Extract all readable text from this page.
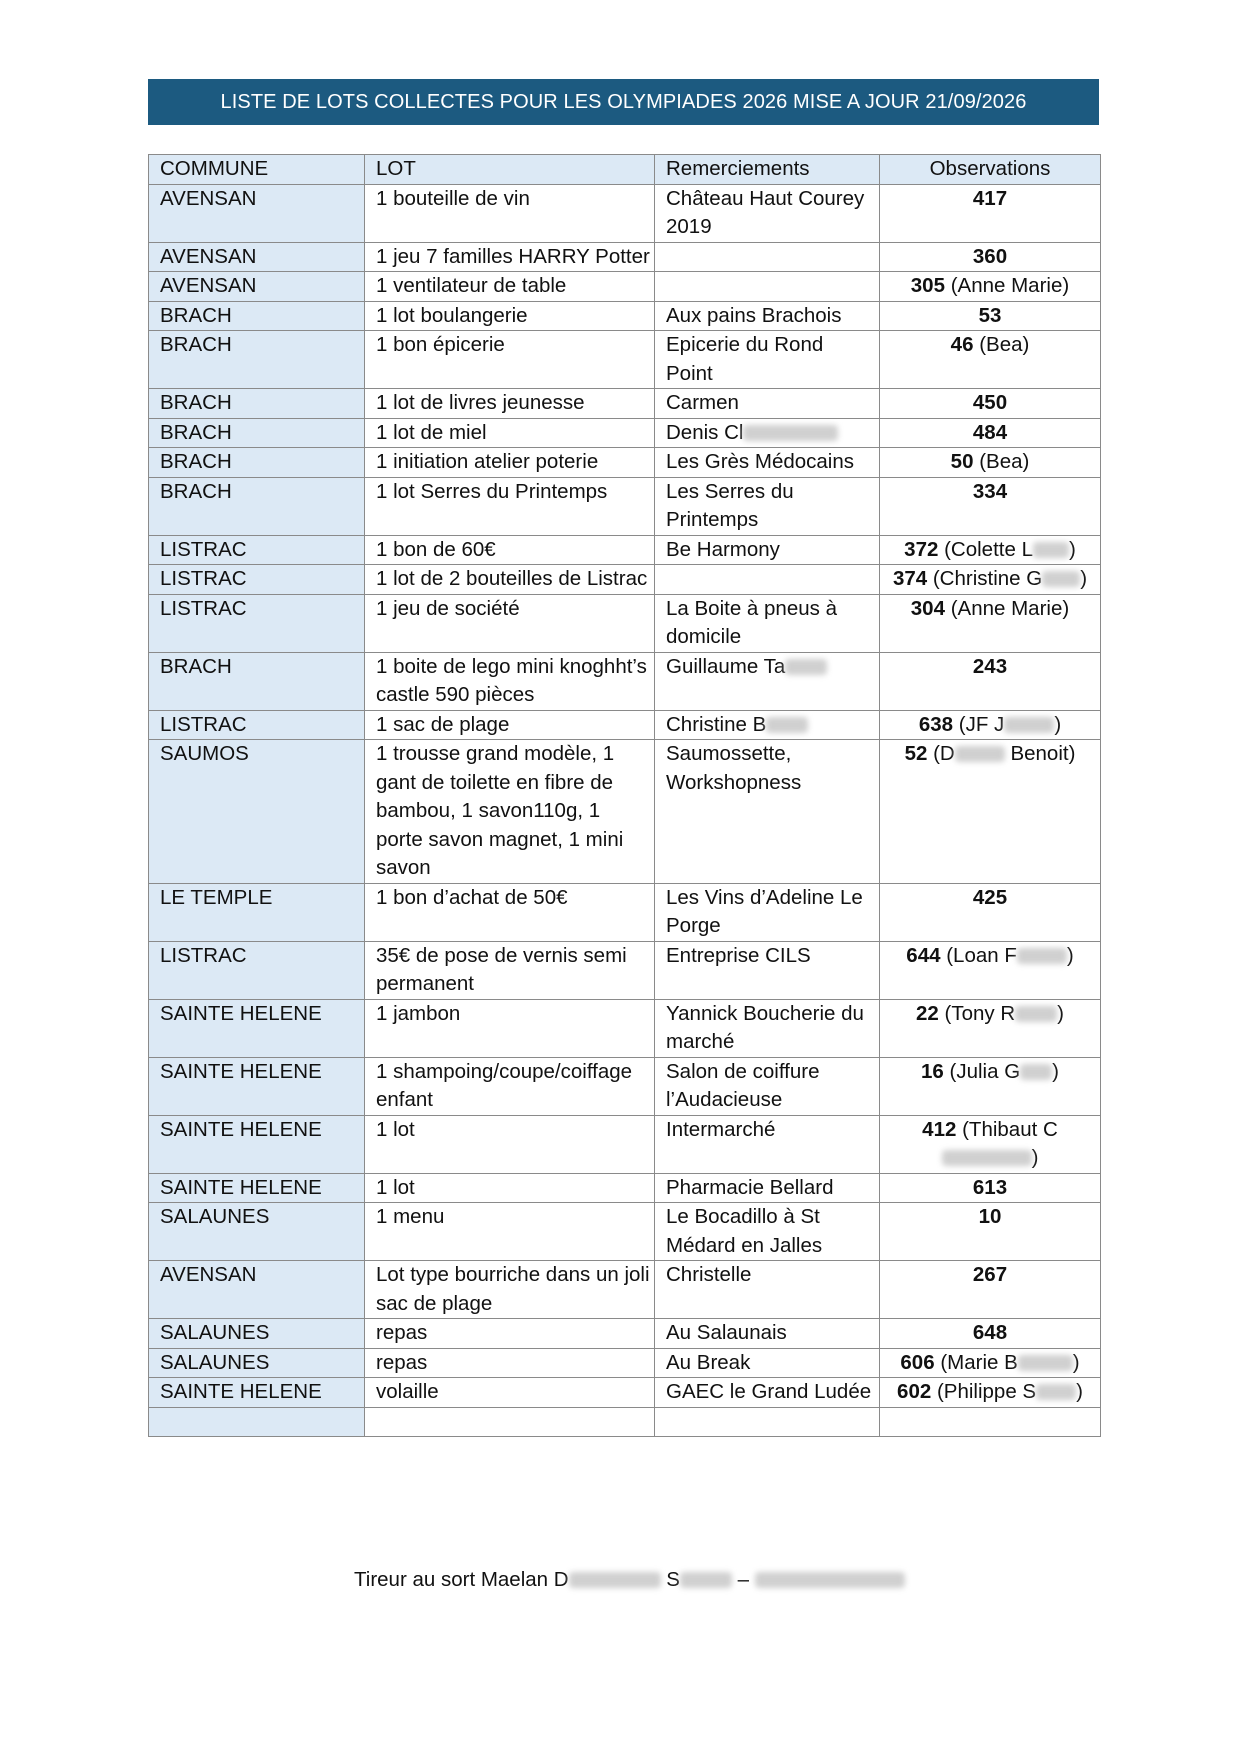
LISTE DE LOTS COLLECTES POUR LES OLYMPIADES 2026 MISE A JOUR 21/09/2026
COMMUNE	LOT	Remerciements	Observations
AVENSAN	1 bouteille de vin	Château Haut Courey 2019	417
AVENSAN	1 jeu 7 familles HARRY Potter		360
AVENSAN	1 ventilateur de table		305 (Anne Marie)
BRACH	1 lot boulangerie	Aux pains Brachois	53
BRACH	1 bon épicerie	Epicerie du Rond Point	46 (Bea)
BRACH	1 lot de livres jeunesse	Carmen	450
BRACH	1 lot de miel	Denis Cl	484
BRACH	1 initiation atelier poterie	Les Grès Médocains	50 (Bea)
BRACH	1 lot Serres du Printemps	Les Serres du Printemps	334
LISTRAC	1 bon de 60€	Be Harmony	372 (Colette L )
LISTRAC	1 lot de 2 bouteilles de Listrac		374 (Christine G )
LISTRAC	1 jeu de société	La Boite à pneus à domicile	304 (Anne Marie)
BRACH	1 boite de lego mini knoghht’s castle 590 pièces	Guillaume Ta	243
LISTRAC	1 sac de plage	Christine B	638 (JF J )
SAUMOS	1 trousse grand modèle, 1 gant de toilette en fibre de bambou, 1 savon110g, 1 porte savon magnet, 1 mini savon	Saumossette, Workshopness	52 (D Benoit)
LE TEMPLE	1 bon d’achat de 50€	Les Vins d’Adeline Le Porge	425
LISTRAC	35€ de pose de vernis semi permanent	Entreprise CILS	644 (Loan F )
SAINTE HELENE	1 jambon	Yannick Boucherie du marché	22 (Tony R )
SAINTE HELENE	1 shampoing/coupe/coiffage enfant	Salon de coiffure l’Audacieuse	16 (Julia G )
SAINTE HELENE	1 lot	Intermarché	412 (Thibaut C)
SAINTE HELENE	1 lot	Pharmacie Bellard	613
SALAUNES	1 menu	Le Bocadillo à St Médard en Jalles	10
AVENSAN	Lot type bourriche dans un joli sac de plage	Christelle	267
SALAUNES	repas	Au Salaunais	648
SALAUNES	repas	Au Break	606 (Marie B )
SAINTE HELENE	volaille	GAEC le Grand Ludée	602 (Philippe S )

Tireur au sort Maelan D	S	–
